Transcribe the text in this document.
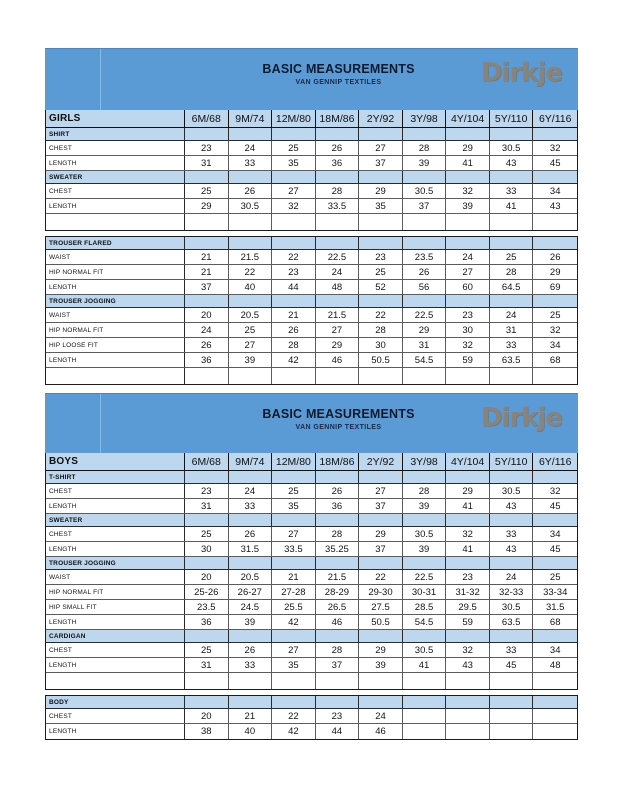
BASIC MEASUREMENTS
VAN GENNIP TEXTILES	Dirkje
GIRLS	6M/68	9M/74	12M/80 18M/86	2Y/92	3Y/98	4Y/104	5Y/110	6Y/116
SHIRT
CHEST	23	24	25	26	27	28	29	30.5	32
LENGTH	31	33	35	36	37	39	41	43	45
SWEATER
CHEST	25	26	27	28	29	30.5	32	33	34
LENGTH	29	30.5	32	33.5	35	37	39	41	43
TROUSER FLARED
WAIST	21	21.5	22	22.5	23	23.5	24	25	26
HIP NORMAL FIT	21	22	23	24	25	26	27	28	29
LENGTH	37	40	44	48	52	56	60	64.5	69
TROUSER JOGGING
WAIST	20	20.5	21	21.5	22	22.5	23	24	25
HIP NORMAL FIT	24	25	26	27	28	29	30	31	32
HIP LOOSE FIT	26	27	28	29	30	31	32	33	34
LENGTH	36	39	42	46	50.5	54.5	59	63.5	68
BASIC MEASUREMENTS
VAN GENNIP TEXTILES	Dirkje
BOYS	6M/68	9M/74	12M/80 18M/86	2Y/92	3Y/98	4Y/104	5Y/110	6Y/116
T-SHIRT
CHEST	23	24	25	26	27	28	29	30.5	32
LENGTH	31	33	35	36	37	39	41	43	45
SWEATER
CHEST	25	26	27	28	29	30.5	32	33	34
LENGTH	30	31.5	33.5 35.25	37	39	41	43	45
TROUSER JOGGING
WAIST	20	20.5	21	21.5	22	22.5	23	24	25
HIP NORMAL FIT	25-26 26-27 27-28 28-29 29-30 30-31 31-32 32-33 33-34
HIP SMALL FIT	23.5	24.5	25.5	26.5	27.5	28.5	29.5	30.5	31.5
LENGTH	36	39	42	46	50.5	54.5	59	63.5	68
CARDIGAN
CHEST	25	26	27	28	29	30.5	32	33	34
LENGTH	31	33	35	37	39	41	43	45	48
BODY
CHEST	20	21	22	23	24
LENGTH	38	40	42	44	46
